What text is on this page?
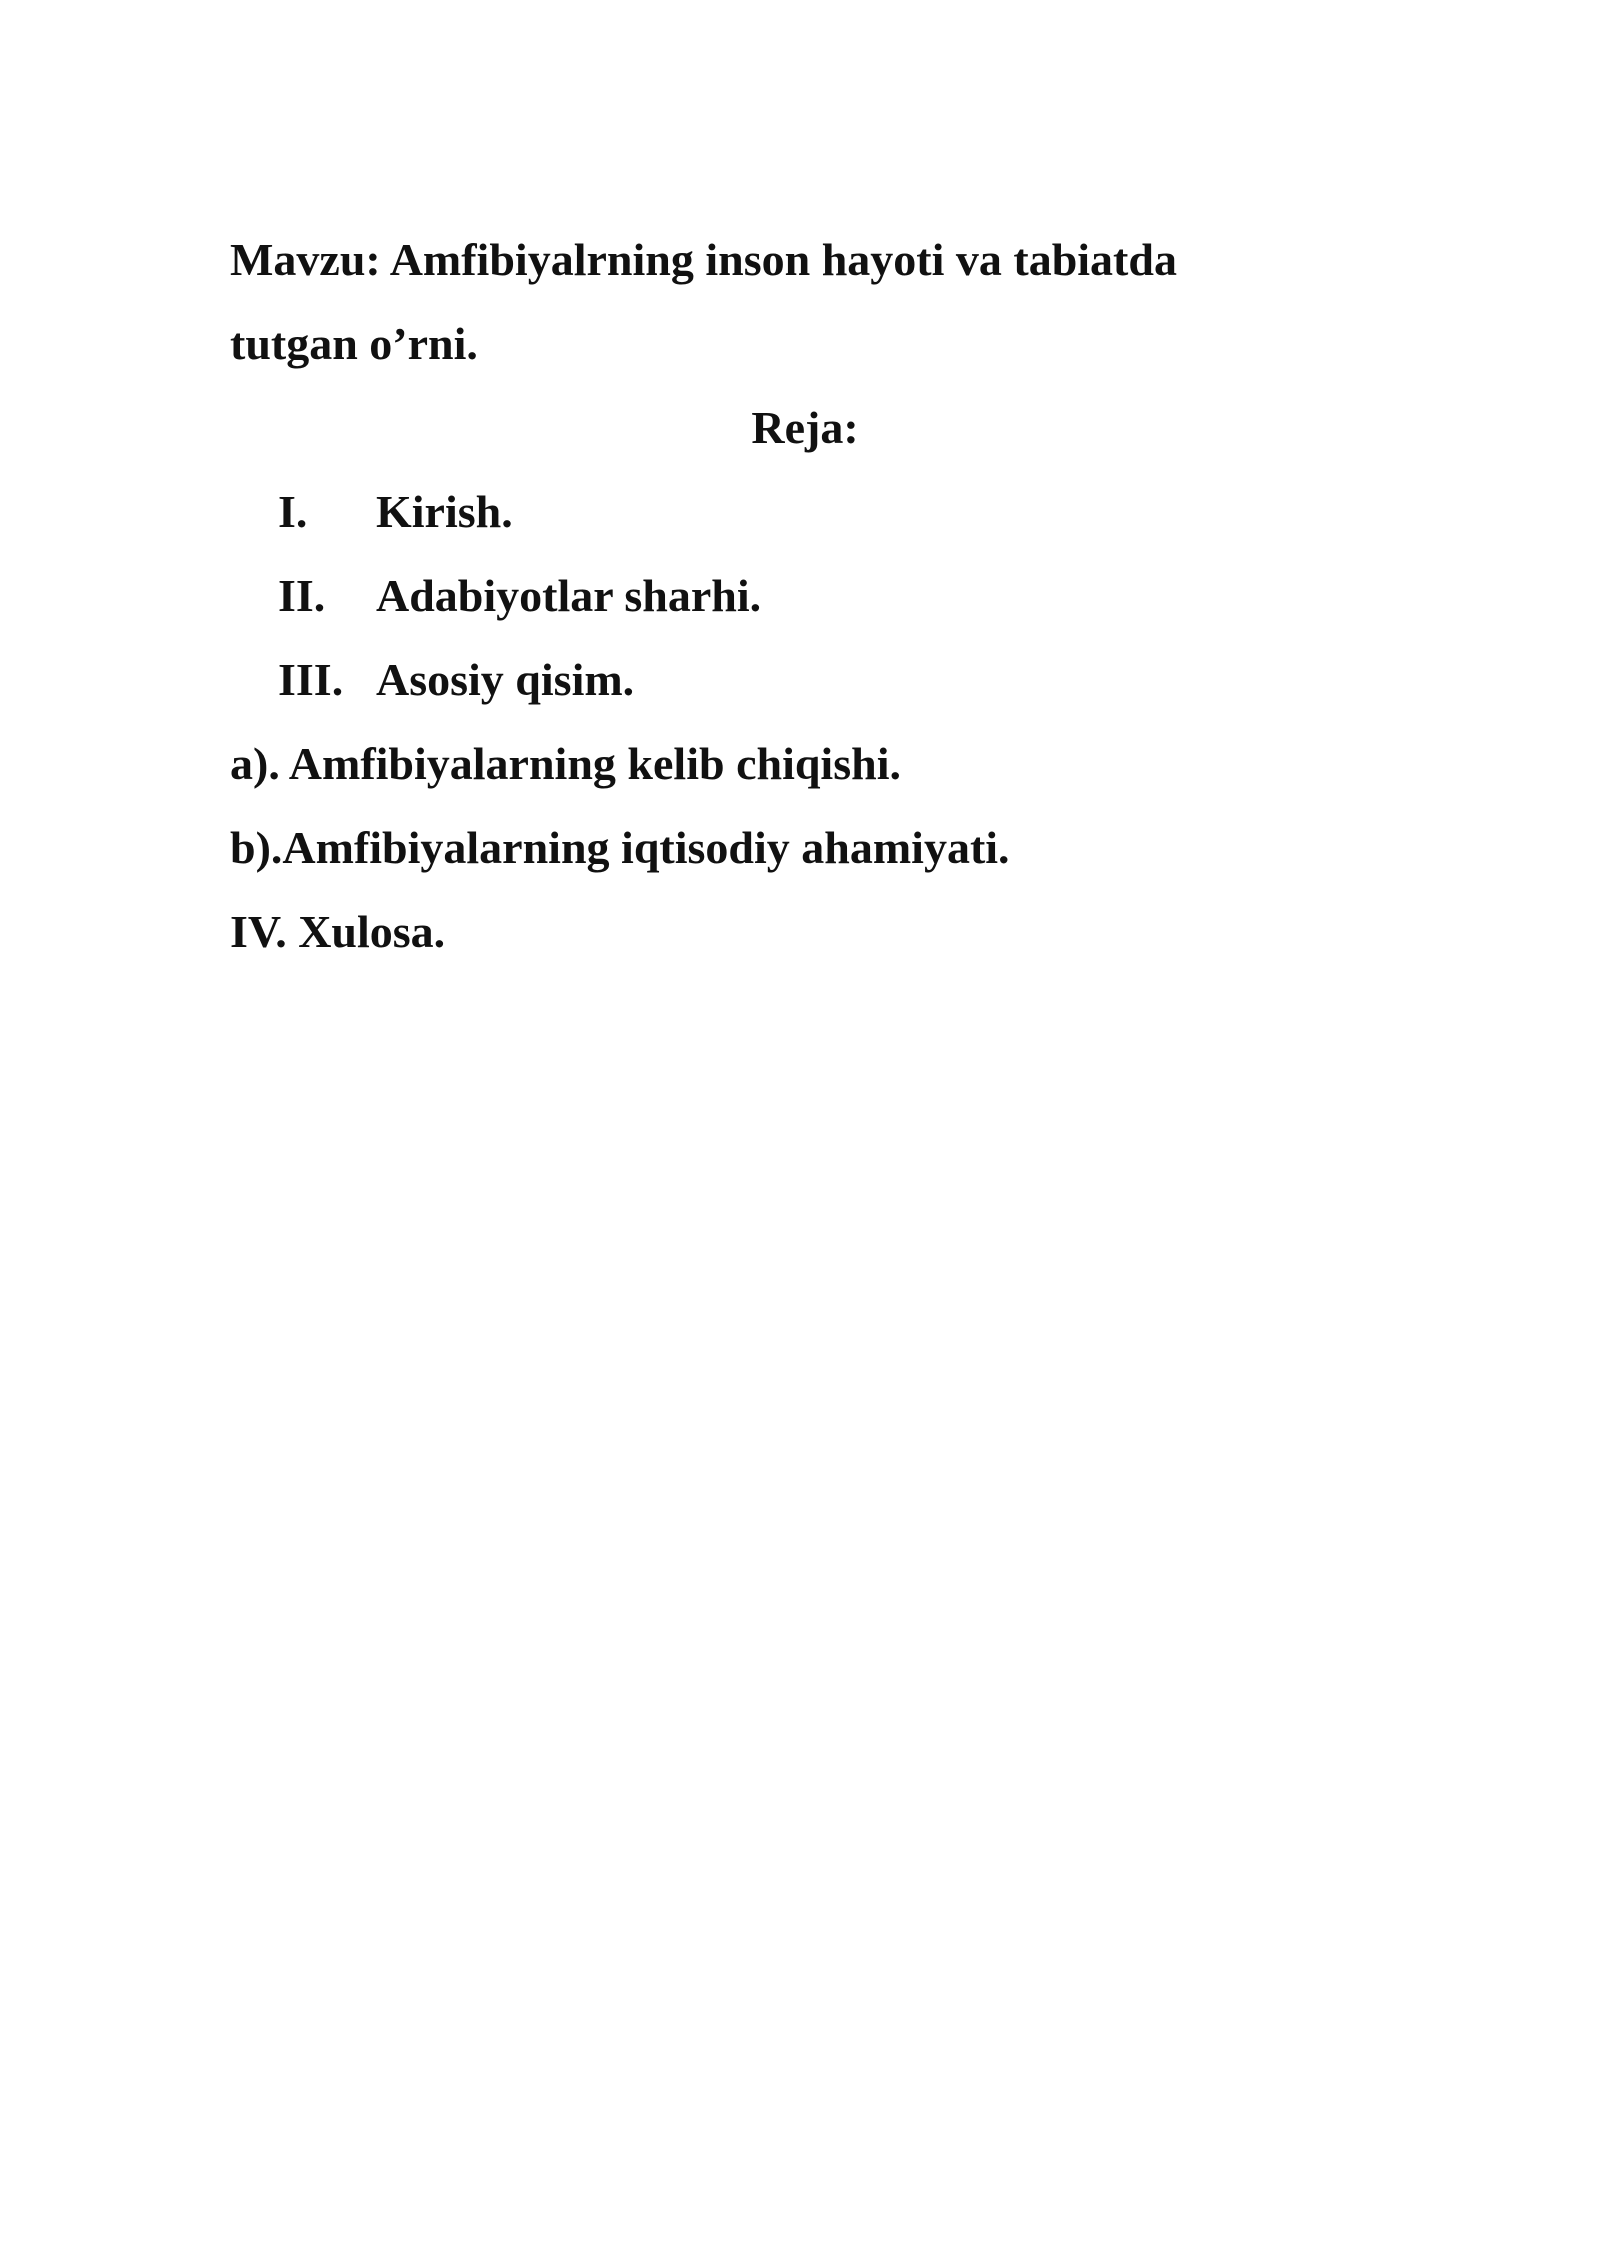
Mavzu: Amfibiyalrning inson hayoti va tabiatda
tutgan o’rni.
Reja:
I. Kirish.
II. Adabiyotlar sharhi.
III. Asosiy qisim.
a). Amfibiyalarning kelib chiqishi.
b).Amfibiyalarning iqtisodiy ahamiyati.
IV. Xulosa.
